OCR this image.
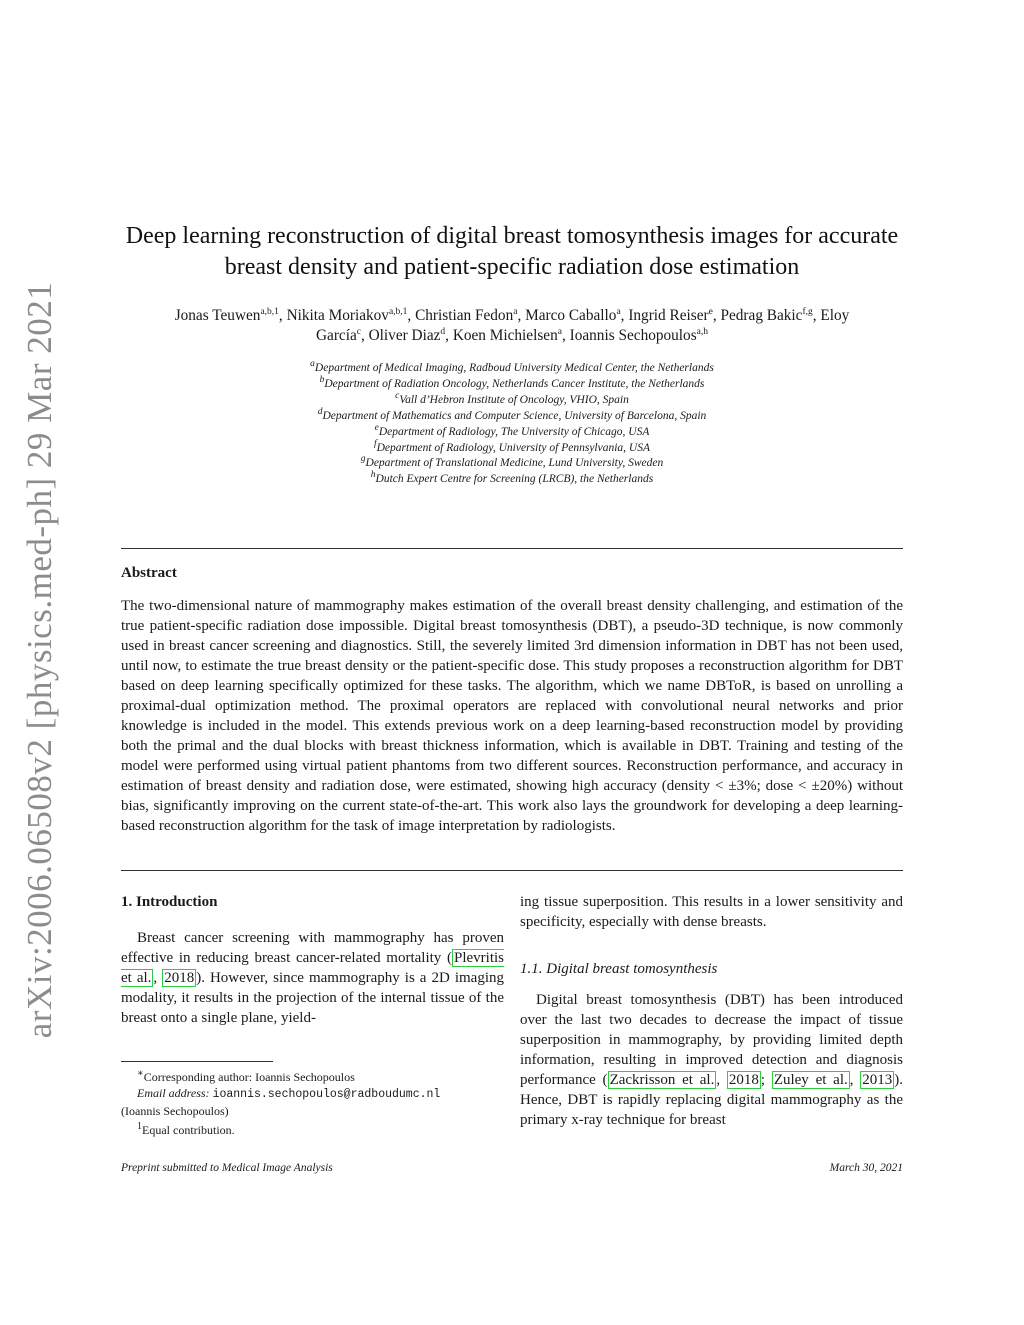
arXiv:2006.06508v2 [physics.med-ph] 29 Mar 2021
Deep learning reconstruction of digital breast tomosynthesis images for accurate
breast density and patient-specific radiation dose estimation
Jonas Teuwen$^{a,b,1}$, Nikita Moriakov$^{a,b,1}$, Christian Fedon$^a$, Marco Caballo$^a$, Ingrid Reiser$^e$, Pedrag Bakic$^{f,g}$, Eloy
García$^c$, Oliver Diaz$^d$, Koen Michielsen$^a$, Ioannis Sechopoulos$^{a,h}$
$^a$Department of Medical Imaging, Radboud University Medical Center, the Netherlands
$^b$Department of Radiation Oncology, Netherlands Cancer Institute, the Netherlands
$^c$Vall d’Hebron Institute of Oncology, VHIO, Spain
$^d$Department of Mathematics and Computer Science, University of Barcelona, Spain
$^e$Department of Radiology, The University of Chicago, USA
$^f$Department of Radiology, University of Pennsylvania, USA
$^g$Department of Translational Medicine, Lund University, Sweden
$^h$Dutch Expert Centre for Screening (LRCB), the Netherlands
Abstract

The two-dimensional nature of mammography makes estimation of the overall breast density challenging, and estimation of the true patient-specific radiation dose impossible. Digital breast tomosynthesis (DBT), a pseudo-3D technique, is now commonly used in breast cancer screening and diagnostics. Still, the severely limited 3rd dimension information in DBT has not been used, until now, to estimate the true breast density or the patient-specific dose. This study proposes a reconstruction algorithm for DBT based on deep learning specifically optimized for these tasks. The algorithm, which we name DBToR, is based on unrolling a proximal-dual optimization method. The proximal operators are replaced with convolutional neural networks and prior knowledge is included in the model. This extends previous work on a deep learning-based reconstruction model by providing both the primal and the dual blocks with breast thickness information, which is available in DBT. Training and testing of the model were performed using virtual patient phantoms from two different sources. Reconstruction performance, and accuracy in estimation of breast density and radiation dose, were estimated, showing high accuracy (density < ±3%; dose < ±20%) without bias, significantly improving on the current state-of-the-art. This work also lays the groundwork for developing a deep learning-based reconstruction algorithm for the task of image interpretation by radiologists.

1. Introduction

Breast cancer screening with mammography has proven effective in reducing breast cancer-related mortality ( Plevritis et al. , 2018 ). However, since mammography is a 2D imaging modality, it results in the projection of the internal tissue of the breast onto a single plane, yield-

ing tissue superposition. This results in a lower sensitivity and specificity, especially with dense breasts.

1.1. Digital breast tomosynthesis

Digital breast tomosynthesis (DBT) has been introduced over the last two decades to decrease the impact of tissue superposition in mammography, by providing limited depth information, resulting in improved detection and diagnosis performance ( Zackrisson et al. , 2018 ; Zuley et al. , 2013 ). Hence, DBT is rapidly replacing digital mammography as the primary x-ray technique for breast

∗Corresponding author: Ioannis Sechopoulos

Email address: ioannis.sechopoulos@radboudumc.nl

(Ioannis Sechopoulos)

$^1$Equal contribution.

Preprint submitted to Medical Image Analysis	March 30, 2021
